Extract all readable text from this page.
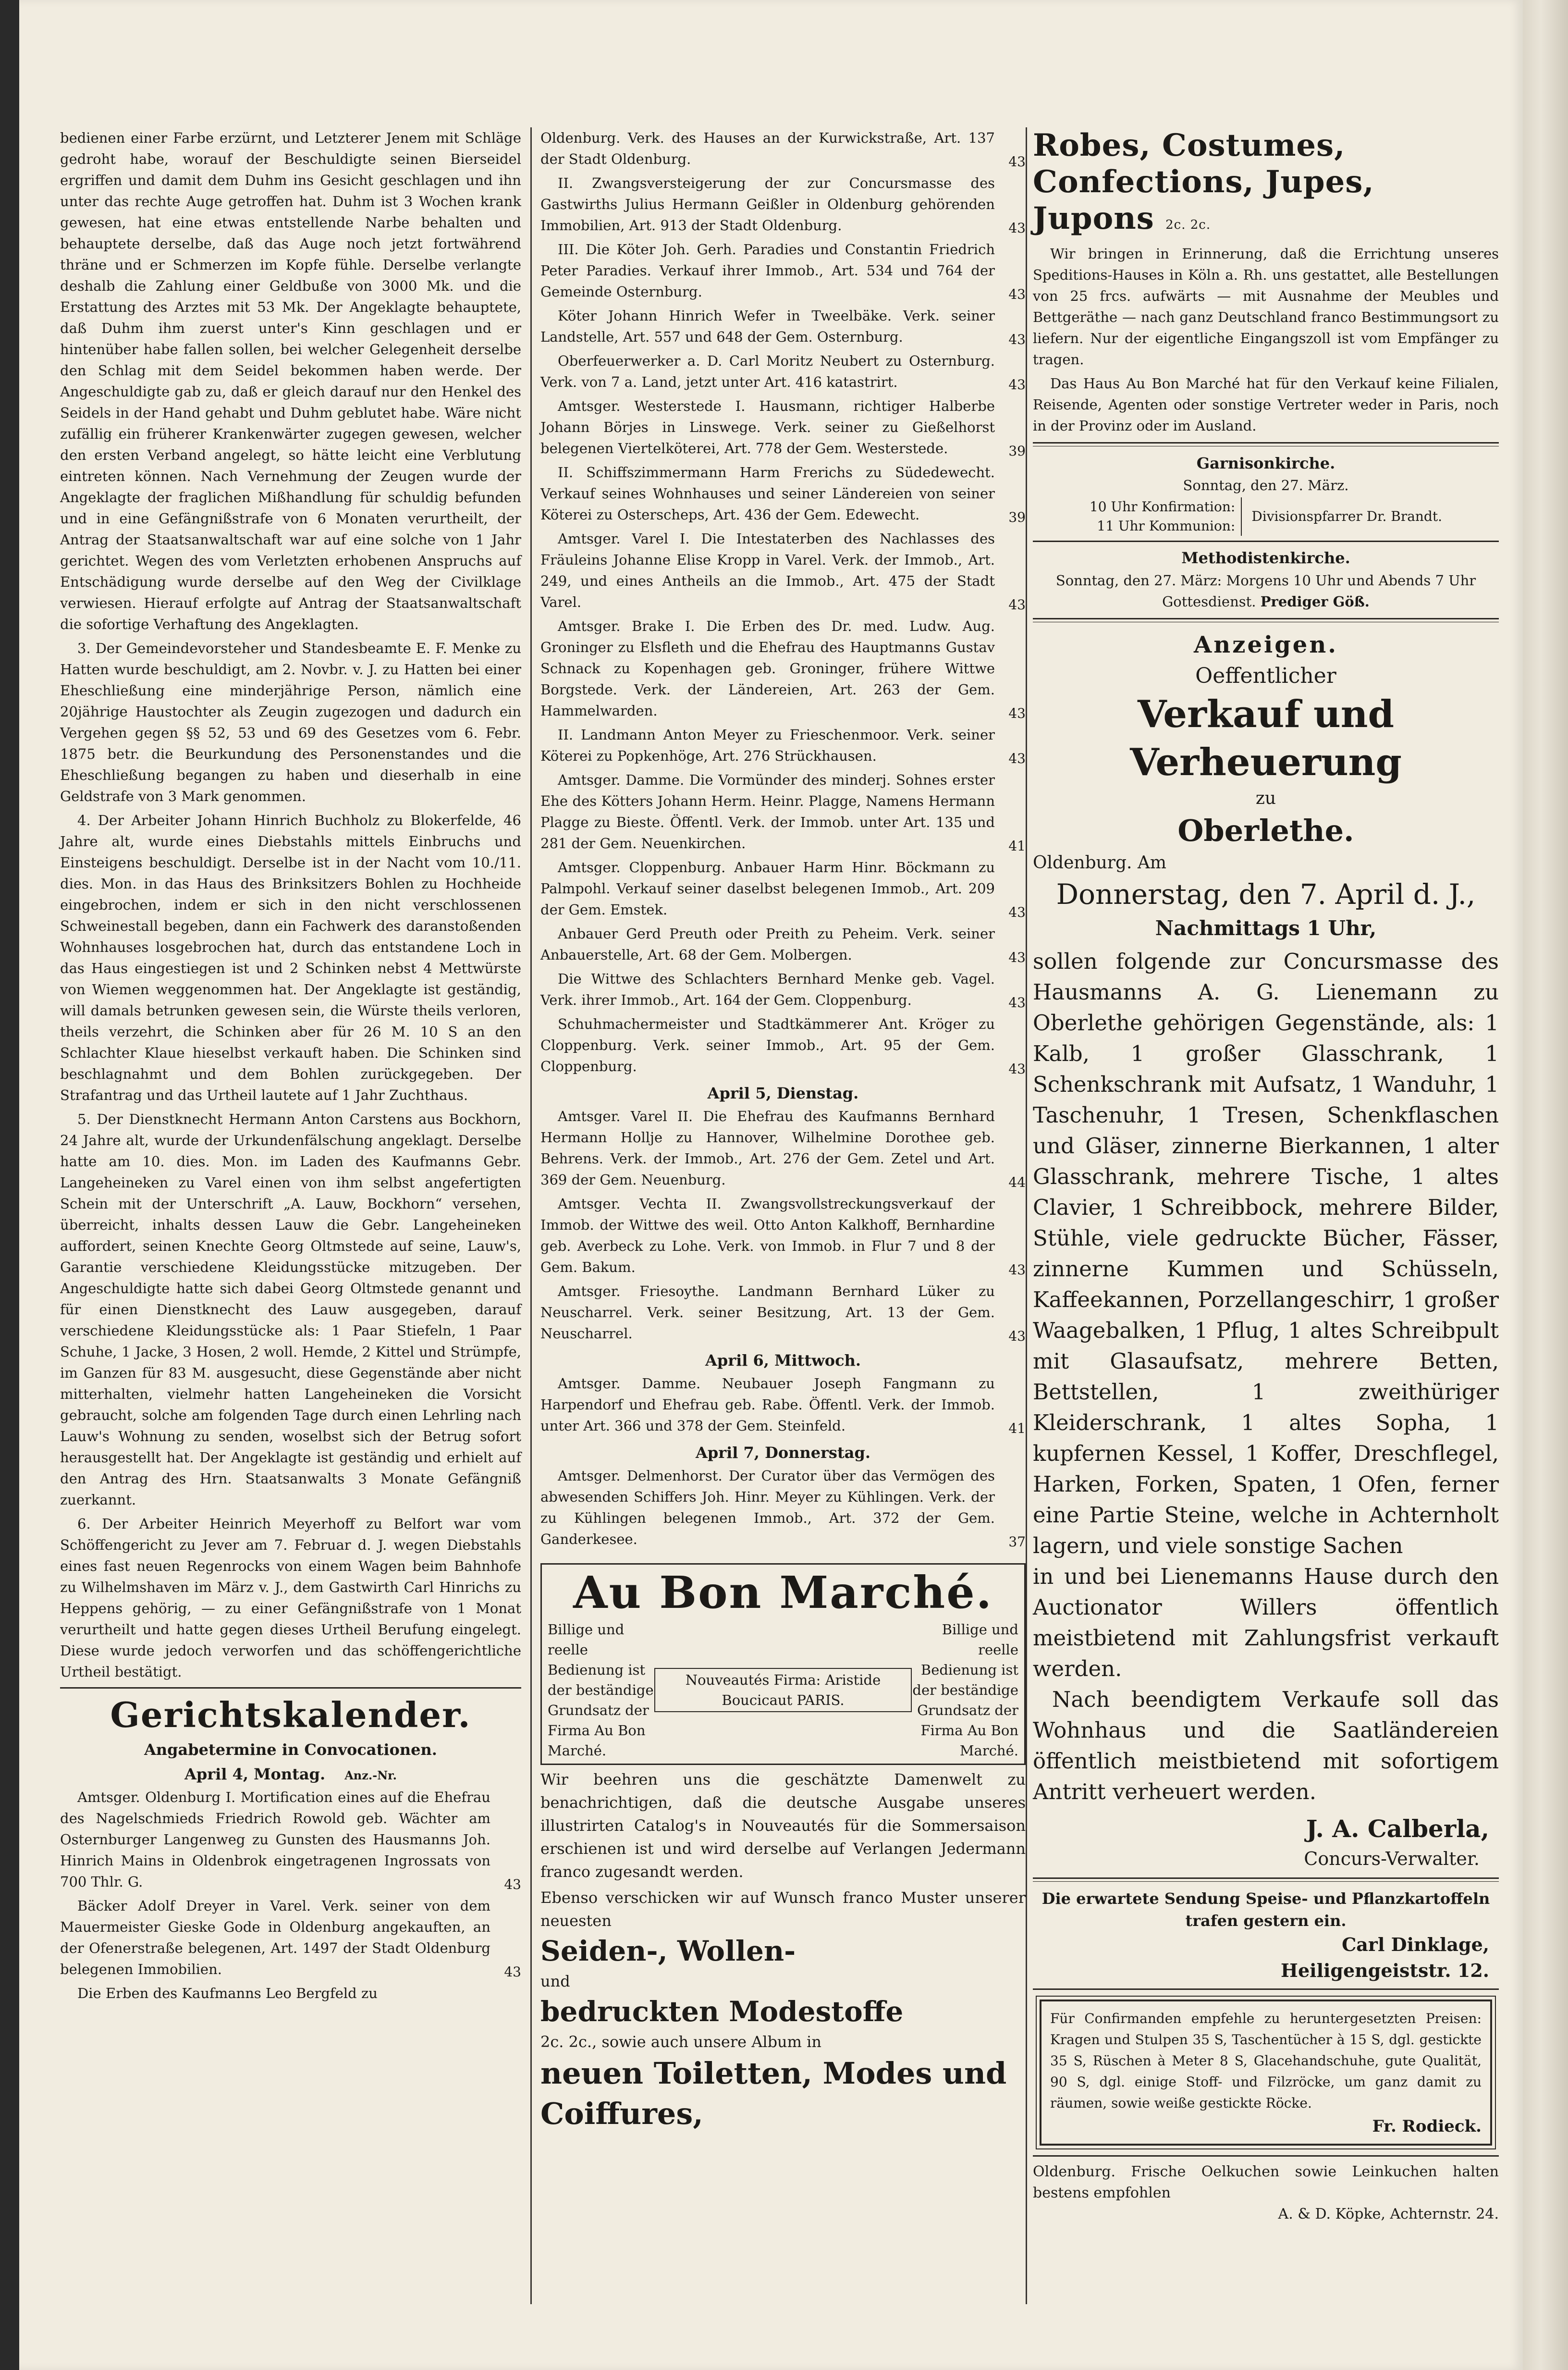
bedienen einer Farbe erzürnt, und Letzterer Jenem mit Schläge gedroht habe, worauf der Beschuldigte seinen Bierseidel ergriffen und damit dem Duhm ins Gesicht geschlagen und ihn unter das rechte Auge getroffen hat. Duhm ist 3 Wochen krank gewesen, hat eine etwas entstellende Narbe behalten und behauptete derselbe, daß das Auge noch jetzt fortwährend thräne und er Schmerzen im Kopfe fühle. Derselbe verlangte deshalb die Zahlung einer Geldbuße von 3000 Mk. und die Erstattung des Arztes mit 53 Mk. Der Angeklagte behauptete, daß Duhm ihm zuerst unter's Kinn geschlagen und er hintenüber habe fallen sollen, bei welcher Gelegenheit derselbe den Schlag mit dem Seidel bekommen haben werde. Der Angeschuldigte gab zu, daß er gleich darauf nur den Henkel des Seidels in der Hand gehabt und Duhm geblutet habe. Wäre nicht zufällig ein früherer Krankenwärter zugegen gewesen, welcher den ersten Verband angelegt, so hätte leicht eine Verblutung eintreten können. Nach Vernehmung der Zeugen wurde der Angeklagte der fraglichen Mißhandlung für schuldig befunden und in eine Gefängnißstrafe von 6 Monaten verurtheilt, der Antrag der Staatsanwaltschaft war auf eine solche von 1 Jahr gerichtet. Wegen des vom Verletzten erhobenen Anspruchs auf Entschädigung wurde derselbe auf den Weg der Civilklage verwiesen. Hierauf erfolgte auf Antrag der Staatsanwaltschaft die sofortige Verhaftung des Angeklagten.

3. Der Gemeindevorsteher und Standesbeamte E. F. Menke zu Hatten wurde beschuldigt, am 2. Novbr. v. J. zu Hatten bei einer Eheschließung eine minderjährige Person, nämlich eine 20jährige Haustochter als Zeugin zugezogen und dadurch ein Vergehen gegen §§ 52, 53 und 69 des Gesetzes vom 6. Febr. 1875 betr. die Beurkundung des Personenstandes und die Eheschließung begangen zu haben und dieserhalb in eine Geldstrafe von 3 Mark genommen.

4. Der Arbeiter Johann Hinrich Buchholz zu Blokerfelde, 46 Jahre alt, wurde eines Diebstahls mittels Einbruchs und Einsteigens beschuldigt. Derselbe ist in der Nacht vom 10./11. dies. Mon. in das Haus des Brinksitzers Bohlen zu Hochheide eingebrochen, indem er sich in den nicht verschlossenen Schweinestall begeben, dann ein Fachwerk des daranstoßenden Wohnhauses losgebrochen hat, durch das entstandene Loch in das Haus eingestiegen ist und 2 Schinken nebst 4 Mettwürste von Wiemen weggenommen hat. Der Angeklagte ist geständig, will damals betrunken gewesen sein, die Würste theils verloren, theils verzehrt, die Schinken aber für 26 M. 10 S an den Schlachter Klaue hieselbst verkauft haben. Die Schinken sind beschlagnahmt und dem Bohlen zurückgegeben. Der Strafantrag und das Urtheil lautete auf 1 Jahr Zuchthaus.

5. Der Dienstknecht Hermann Anton Carstens aus Bockhorn, 24 Jahre alt, wurde der Urkundenfälschung angeklagt. Derselbe hatte am 10. dies. Mon. im Laden des Kaufmanns Gebr. Langeheineken zu Varel einen von ihm selbst angefertigten Schein mit der Unterschrift „A. Lauw, Bockhorn“ versehen, überreicht, inhalts dessen Lauw die Gebr. Langeheineken auffordert, seinen Knechte Georg Oltmstede auf seine, Lauw's, Garantie verschiedene Kleidungsstücke mitzugeben. Der Angeschuldigte hatte sich dabei Georg Oltmstede genannt und für einen Dienstknecht des Lauw ausgegeben, darauf verschiedene Kleidungsstücke als: 1 Paar Stiefeln, 1 Paar Schuhe, 1 Jacke, 3 Hosen, 2 woll. Hemde, 2 Kittel und Strümpfe, im Ganzen für 83 M. ausgesucht, diese Gegenstände aber nicht mitterhalten, vielmehr hatten Langeheineken die Vorsicht gebraucht, solche am folgenden Tage durch einen Lehrling nach Lauw's Wohnung zu senden, woselbst sich der Betrug sofort herausgestellt hat. Der Angeklagte ist geständig und erhielt auf den Antrag des Hrn. Staatsanwalts 3 Monate Gefängniß zuerkannt.

6. Der Arbeiter Heinrich Meyerhoff zu Belfort war vom Schöffengericht zu Jever am 7. Februar d. J. wegen Diebstahls eines fast neuen Regenrocks von einem Wagen beim Bahnhofe zu Wilhelmshaven im März v. J., dem Gastwirth Carl Hinrichs zu Heppens gehörig, — zu einer Gefängnißstrafe von 1 Monat verurtheilt und hatte gegen dieses Urtheil Berufung eingelegt. Diese wurde jedoch verworfen und das schöffengerichtliche Urtheil bestätigt.

Gerichtskalender.

Angabetermine in Convocationen.

April 4, Montag. Anz.-Nr.

Amtsger. Oldenburg I. Mortification eines auf die Ehefrau des Nagelschmieds Friedrich Rowold geb. Wächter am Osternburger Langenweg zu Gunsten des Hausmanns Joh. Hinrich Mains in Oldenbrok eingetragenen Ingrossats von 700 Thlr. G.	43

Bäcker Adolf Dreyer in Varel. Verk. seiner von dem Mauermeister Gieske Gode in Oldenburg angekauften, an der Ofenerstraße belegenen, Art. 1497 der Stadt Oldenburg belegenen Immobilien.	43

Die Erben des Kaufmanns Leo Bergfeld zu

Oldenburg. Verk. des Hauses an der Kurwickstraße, Art. 137 der Stadt Oldenburg.	43

II. Zwangsversteigerung der zur Concursmasse des Gastwirths Julius Hermann Geißler in Oldenburg gehörenden Immobilien, Art. 913 der Stadt Oldenburg.	43

III. Die Köter Joh. Gerh. Paradies und Constantin Friedrich Peter Paradies. Verkauf ihrer Immob., Art. 534 und 764 der Gemeinde Osternburg.	43

Köter Johann Hinrich Wefer in Tweelbäke. Verk. seiner Landstelle, Art. 557 und 648 der Gem. Osternburg.	43

Oberfeuerwerker a. D. Carl Moritz Neubert zu Osternburg. Verk. von 7 a. Land, jetzt unter Art. 416 katastrirt.	43

Amtsger. Westerstede I. Hausmann, richtiger Halberbe Johann Börjes in Linswege. Verk. seiner zu Gießelhorst belegenen Viertelköterei, Art. 778 der Gem. Westerstede.	39

II. Schiffszimmermann Harm Frerichs zu Südedewecht. Verkauf seines Wohnhauses und seiner Ländereien von seiner Köterei zu Osterscheps, Art. 436 der Gem. Edewecht.	39

Amtsger. Varel I. Die Intestaterben des Nachlasses des Fräuleins Johanne Elise Kropp in Varel. Verk. der Immob., Art. 249, und eines Antheils an die Immob., Art. 475 der Stadt Varel.	43

Amtsger. Brake I. Die Erben des Dr. med. Ludw. Aug. Groninger zu Elsfleth und die Ehefrau des Hauptmanns Gustav Schnack zu Kopenhagen geb. Groninger, frühere Wittwe Borgstede. Verk. der Ländereien, Art. 263 der Gem. Hammelwarden.	43

II. Landmann Anton Meyer zu Frieschenmoor. Verk. seiner Köterei zu Popkenhöge, Art. 276 Strückhausen.	43

Amtsger. Damme. Die Vormünder des minderj. Sohnes erster Ehe des Kötters Johann Herm. Heinr. Plagge, Namens Hermann Plagge zu Bieste. Öffentl. Verk. der Immob. unter Art. 135 und 281 der Gem. Neuenkirchen.	41

Amtsger. Cloppenburg. Anbauer Harm Hinr. Böckmann zu Palmpohl. Verkauf seiner daselbst belegenen Immob., Art. 209 der Gem. Emstek.	43

Anbauer Gerd Preuth oder Preith zu Peheim. Verk. seiner Anbauerstelle, Art. 68 der Gem. Molbergen.	43

Die Wittwe des Schlachters Bernhard Menke geb. Vagel. Verk. ihrer Immob., Art. 164 der Gem. Cloppenburg.	43

Schuhmachermeister und Stadtkämmerer Ant. Kröger zu Cloppenburg. Verk. seiner Immob., Art. 95 der Gem. Cloppenburg.	43

April 5, Dienstag.

Amtsger. Varel II. Die Ehefrau des Kaufmanns Bernhard Hermann Hollje zu Hannover, Wilhelmine Dorothee geb. Behrens. Verk. der Immob., Art. 276 der Gem. Zetel und Art. 369 der Gem. Neuenburg.	44

Amtsger. Vechta II. Zwangsvollstreckungsverkauf der Immob. der Wittwe des weil. Otto Anton Kalkhoff, Bernhardine geb. Averbeck zu Lohe. Verk. von Immob. in Flur 7 und 8 der Gem. Bakum.	43

Amtsger. Friesoythe. Landmann Bernhard Lüker zu Neuscharrel. Verk. seiner Besitzung, Art. 13 der Gem. Neuscharrel.	43

April 6, Mittwoch.

Amtsger. Damme. Neubauer Joseph Fangmann zu Harpendorf und Ehefrau geb. Rabe. Öffentl. Verk. der Immob. unter Art. 366 und 378 der Gem. Steinfeld.	41

April 7, Donnerstag.

Amtsger. Delmenhorst. Der Curator über das Vermögen des abwesenden Schiffers Joh. Hinr. Meyer zu Kühlingen. Verk. der zu Kühlingen belegenen Immob., Art. 372 der Gem. Ganderkesee.	37

Au Bon Marché.

Billige und reelle Bedienung ist der beständige Grundsatz der Firma Au Bon Marché.
Nouveautés Firma: Aristide Boucicaut PARIS.
Billige und reelle Bedienung ist der beständige Grundsatz der Firma Au Bon Marché.

Wir beehren uns die geschätzte Damenwelt zu benachrichtigen, daß die deutsche Ausgabe unseres illustrirten Catalog's in Nouveautés für die Sommersaison erschienen ist und wird derselbe auf Verlangen Jedermann franco zugesandt werden.

Ebenso verschicken wir auf Wunsch franco Muster unserer neuesten

Seiden-, Wollen-

und

bedruckten Modestoffe

2c. 2c., sowie auch unsere Album in

neuen Toiletten, Modes und Coiffures,

Robes, Costumes, Confections, Jupes, Jupons 2c. 2c.

Wir bringen in Erinnerung, daß die Errichtung unseres Speditions-Hauses in Köln a. Rh. uns gestattet, alle Bestellungen von 25 frcs. aufwärts — mit Ausnahme der Meubles und Bettgeräthe — nach ganz Deutschland franco Bestimmungsort zu liefern. Nur der eigentliche Eingangszoll ist vom Empfänger zu tragen.

Das Haus Au Bon Marché hat für den Verkauf keine Filialen, Reisende, Agenten oder sonstige Vertreter weder in Paris, noch in der Provinz oder im Ausland.

Garnisonkirche.

Sonntag, den 27. März.

10 Uhr Konfirmation:
11 Uhr Kommunion:
Divisionspfarrer Dr. Brandt.

Methodistenkirche.

Sonntag, den 27. März: Morgens 10 Uhr und Abends 7 Uhr Gottesdienst. Prediger Göß.

Anzeigen.

Oeffentlicher

Verkauf und Verheuerung

zu

Oberlethe.

Oldenburg. Am

Donnerstag, den 7. April d. J.,

Nachmittags 1 Uhr,

sollen folgende zur Concursmasse des Hausmanns A. G. Lienemann zu Oberlethe gehörigen Gegenstände, als: 1 Kalb, 1 großer Glasschrank, 1 Schenkschrank mit Aufsatz, 1 Wanduhr, 1 Taschenuhr, 1 Tresen, Schenkflaschen und Gläser, zinnerne Bierkannen, 1 alter Glasschrank, mehrere Tische, 1 altes Clavier, 1 Schreibbock, mehrere Bilder, Stühle, viele gedruckte Bücher, Fässer, zinnerne Kummen und Schüsseln, Kaffeekannen, Porzellangeschirr, 1 großer Waagebalken, 1 Pflug, 1 altes Schreibpult mit Glasaufsatz, mehrere Betten, Bettstellen, 1 zweithüriger Kleiderschrank, 1 altes Sopha, 1 kupfernen Kessel, 1 Koffer, Dreschflegel, Harken, Forken, Spaten, 1 Ofen, ferner eine Partie Steine, welche in Achternholt lagern, und viele sonstige Sachen

in und bei Lienemanns Hause durch den Auctionator Willers öffentlich meistbietend mit Zahlungsfrist verkauft werden.

Nach beendigtem Verkaufe soll das Wohnhaus und die Saatländereien öffentlich meistbietend mit sofortigem Antritt verheuert werden.

J. A. Calberla,

Concurs-Verwalter.

Die erwartete Sendung Speise- und Pflanzkartoffeln trafen gestern ein.

Carl Dinklage,

Heiligengeiststr. 12.

Für Confirmanden empfehle zu heruntergesetzten Preisen: Kragen und Stulpen 35 S, Taschentücher à 15 S, dgl. gestickte 35 S, Rüschen à Meter 8 S, Glacehandschuhe, gute Qualität, 90 S, dgl. einige Stoff- und Filzröcke, um ganz damit zu räumen, sowie weiße gestickte Röcke.

Fr. Rodieck.

Oldenburg. Frische Oelkuchen sowie Leinkuchen halten bestens empfohlen

A. & D. Köpke, Achternstr. 24.
